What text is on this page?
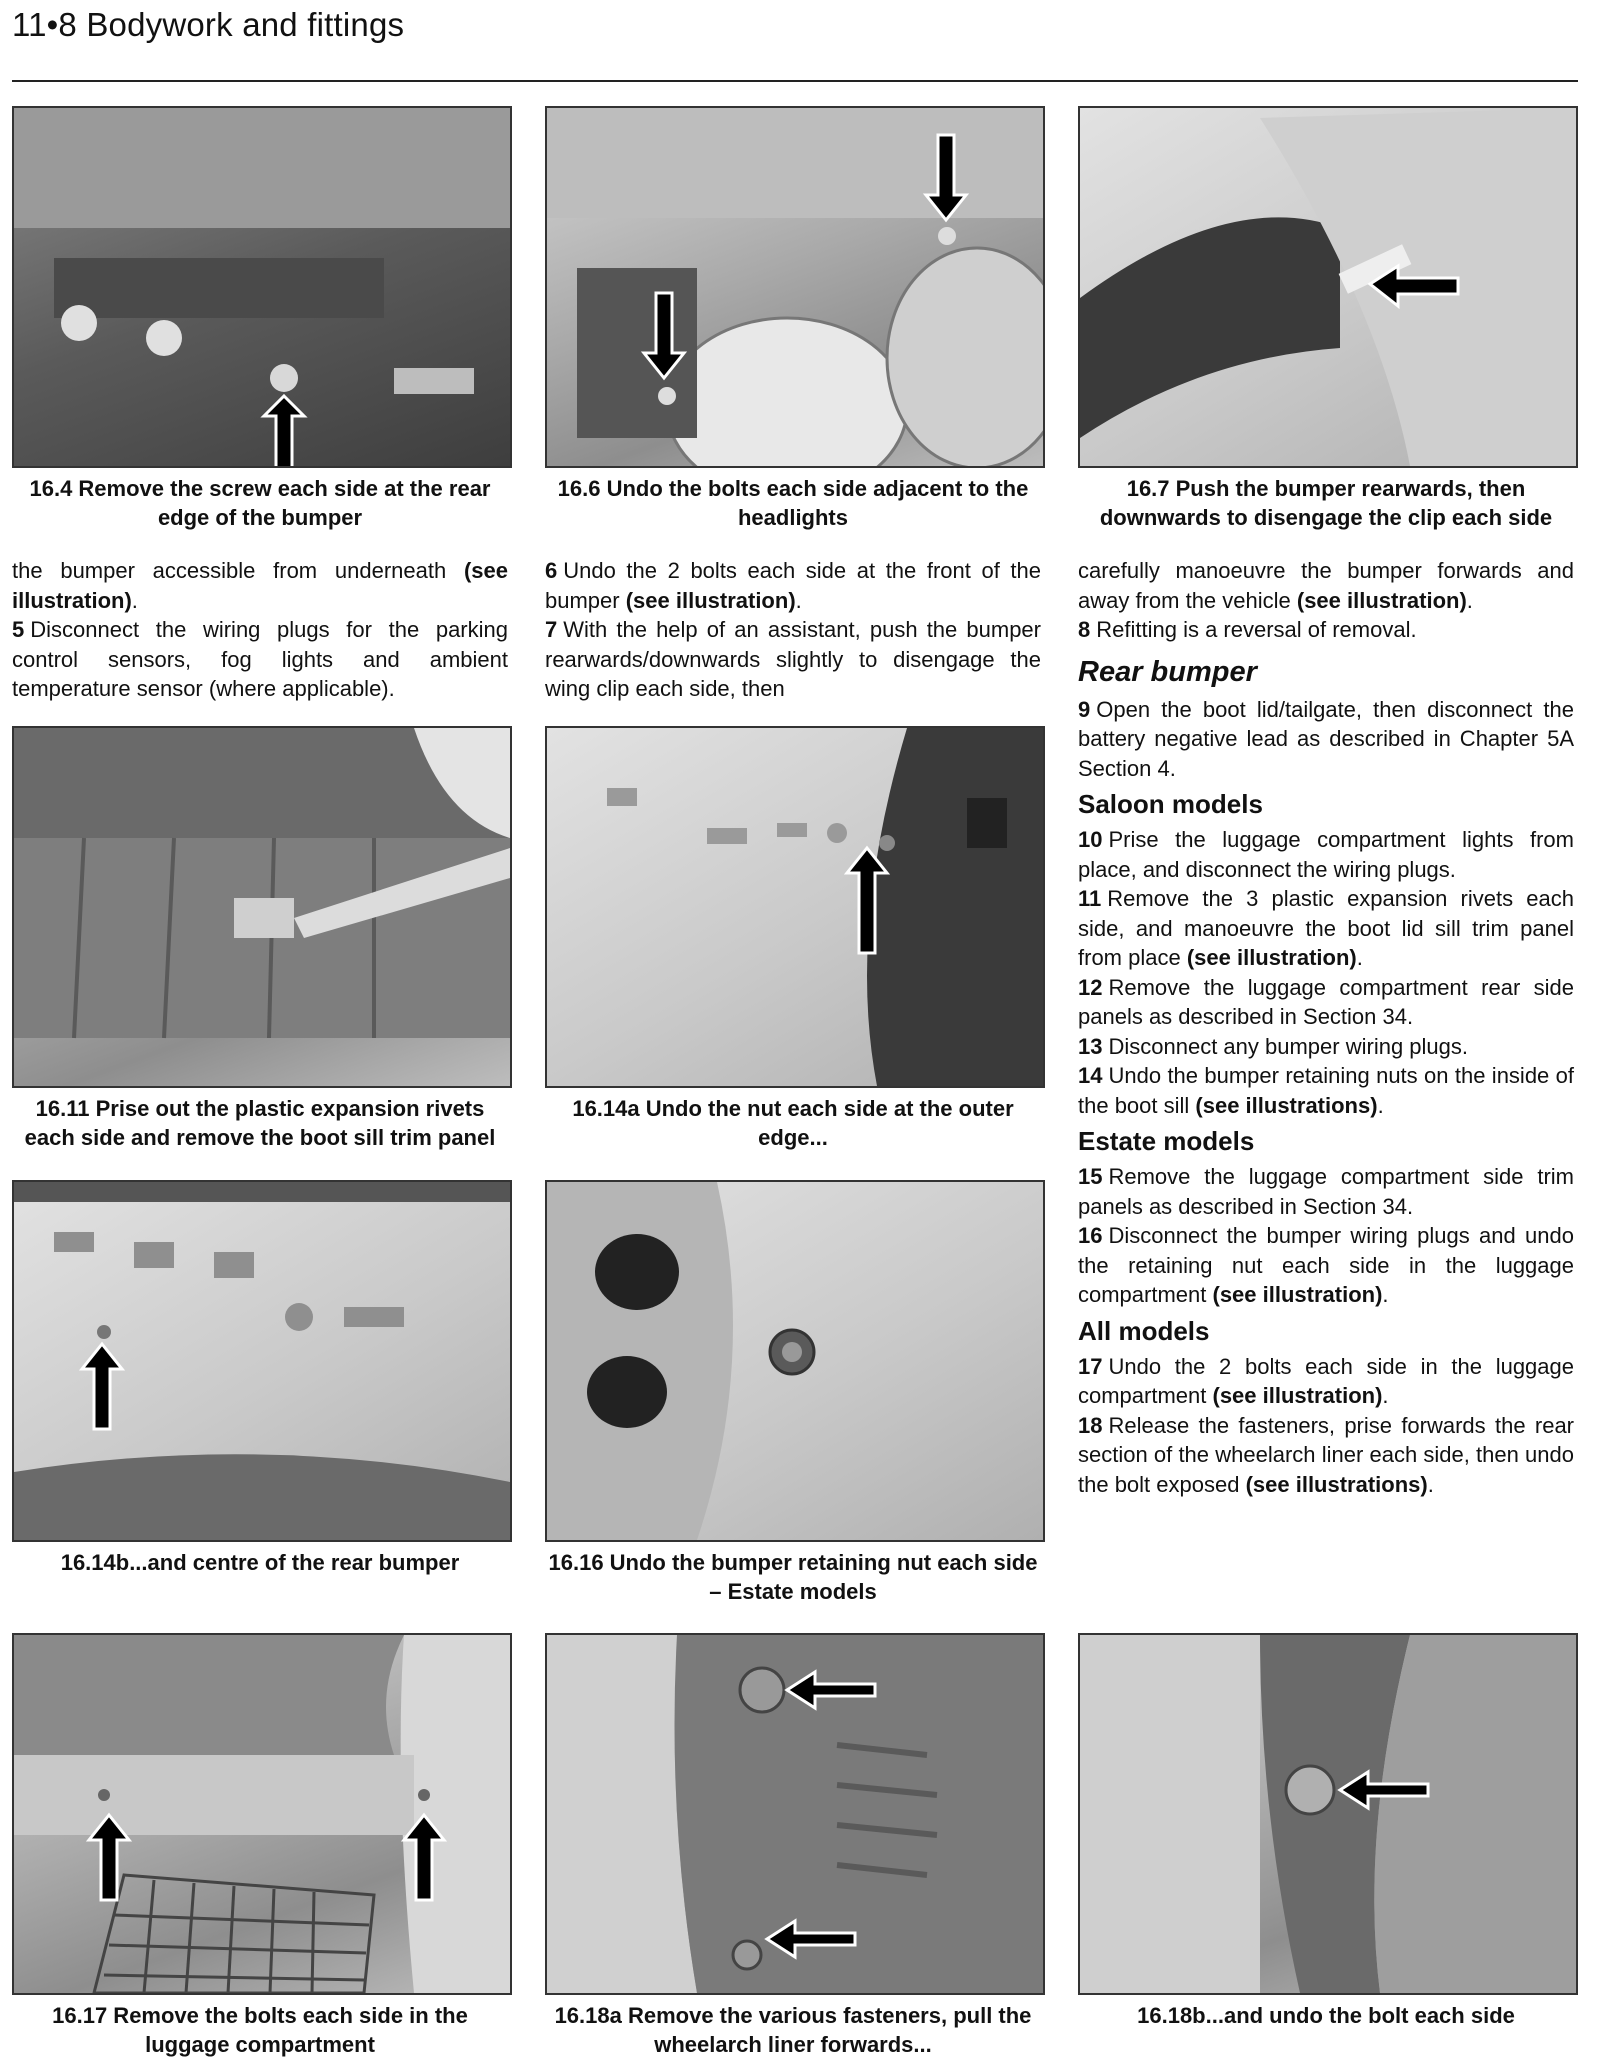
11•8 Bodywork and fittings
16.4 Remove the screw each side at the rear edge of the bumper
16.6 Undo the bolts each side adjacent to the headlights
16.7 Push the bumper rearwards, then downwards to disengage the clip each side

the bumper accessible from underneath (see illustration).

5 Disconnect the wiring plugs for the parking control sensors, fog lights and ambient temperature sensor (where applicable).

6 Undo the 2 bolts each side at the front of the bumper (see illustration).

7 With the help of an assistant, push the bumper rearwards/downwards slightly to disengage the wing clip each side, then

carefully manoeuvre the bumper forwards and away from the vehicle (see illustration).

8 Refitting is a reversal of removal.

Rear bumper

9 Open the boot lid/tailgate, then disconnect the battery negative lead as described in Chapter 5A Section 4.

Saloon models

10 Prise the luggage compartment lights from place, and disconnect the wiring plugs.

11 Remove the 3 plastic expansion rivets each side, and manoeuvre the boot lid sill trim panel from place (see illustration).

12 Remove the luggage compartment rear side panels as described in Section 34.

13 Disconnect any bumper wiring plugs.

14 Undo the bumper retaining nuts on the inside of the boot sill (see illustrations).

Estate models

15 Remove the luggage compartment side trim panels as described in Section 34.

16 Disconnect the bumper wiring plugs and undo the retaining nut each side in the luggage compartment (see illustration).

All models

17 Undo the 2 bolts each side in the luggage compartment (see illustration).

18 Release the fasteners, prise forwards the rear section of the wheelarch liner each side, then undo the bolt exposed (see illustrations).

16.11 Prise out the plastic expansion rivets each side and remove the boot sill trim panel
16.14a Undo the nut each side at the outer edge...
16.14b...and centre of the rear bumper	16.16 Undo the bumper retaining nut each side – Estate models
16.17 Remove the bolts each side in the luggage compartment
16.18a Remove the various fasteners, pull the wheelarch liner forwards...
16.18b...and undo the bolt each side
